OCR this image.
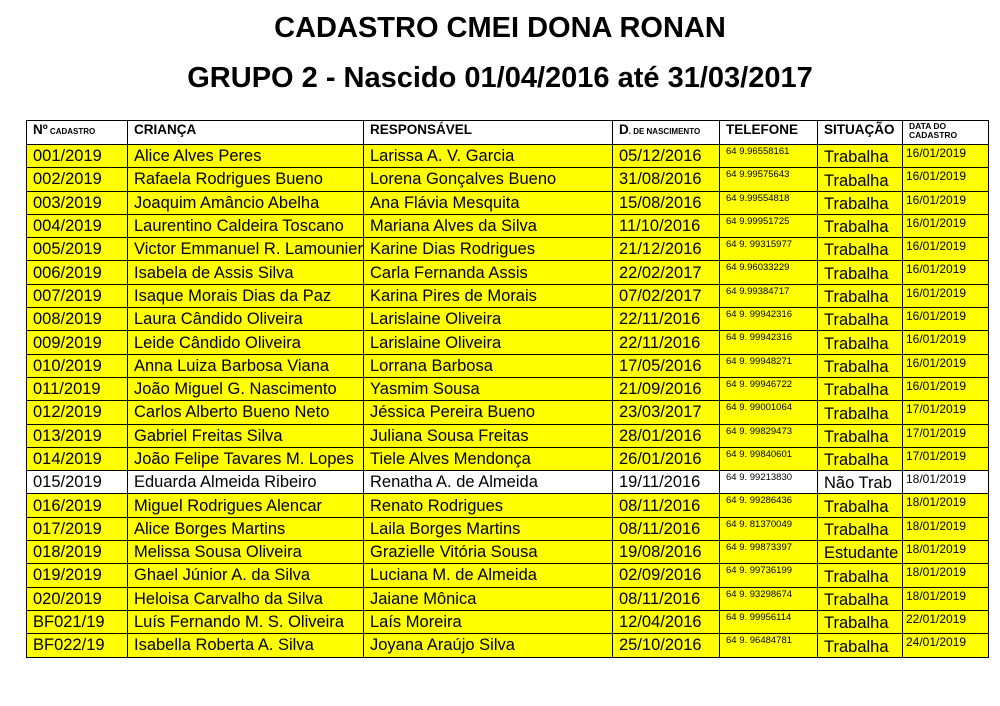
CADASTRO CMEI DONA RONAN
GRUPO 2 - Nascido 01/04/2016 até 31/03/2017
Nº CADASTRO	CRIANÇA	RESPONSÁVEL	D. DE NASCIMENTO	TELEFONE	SITUAÇÃO	DATA DO
CADASTRO
001/2019	Alice Alves Peres	Larissa A. V. Garcia	05/12/2016	64 9.96558161	Trabalha	16/01/2019
002/2019	Rafaela Rodrigues Bueno	Lorena Gonçalves Bueno	31/08/2016	64 9.99575643	Trabalha	16/01/2019
003/2019	Joaquim Amâncio Abelha	Ana Flávia Mesquita	15/08/2016	64 9.99554818	Trabalha	16/01/2019
004/2019	Laurentino Caldeira Toscano	Mariana Alves da Silva	11/10/2016	64 9.99951725	Trabalha	16/01/2019
005/2019	Victor Emmanuel R. Lamounier	Karine Dias Rodrigues	21/12/2016	64 9. 99315977	Trabalha	16/01/2019
006/2019	Isabela de Assis Silva	Carla Fernanda Assis	22/02/2017	64 9.96033229	Trabalha	16/01/2019
007/2019	Isaque Morais Dias da Paz	Karina Pires de Morais	07/02/2017	64 9.99384717	Trabalha	16/01/2019
008/2019	Laura Cândido Oliveira	Larislaine Oliveira	22/11/2016	64 9. 99942316	Trabalha	16/01/2019
009/2019	Leide Cândido Oliveira	Larislaine Oliveira	22/11/2016	64 9. 99942316	Trabalha	16/01/2019
010/2019	Anna Luiza Barbosa Viana	Lorrana Barbosa	17/05/2016	64 9. 99948271	Trabalha	16/01/2019
011/2019	João Miguel G. Nascimento	Yasmim Sousa	21/09/2016	64 9. 99946722	Trabalha	16/01/2019
012/2019	Carlos Alberto Bueno Neto	Jéssica Pereira Bueno	23/03/2017	64 9. 99001064	Trabalha	17/01/2019
013/2019	Gabriel Freitas Silva	Juliana Sousa Freitas	28/01/2016	64 9. 99829473	Trabalha	17/01/2019
014/2019	João Felipe Tavares M. Lopes	Tiele Alves Mendonça	26/01/2016	64 9. 99840601	Trabalha	17/01/2019
015/2019	Eduarda Almeida Ribeiro	Renatha A. de Almeida	19/11/2016	64 9. 99213830	Não Trab	18/01/2019
016/2019	Miguel Rodrigues Alencar	Renato Rodrigues	08/11/2016	64 9. 99286436	Trabalha	18/01/2019
017/2019	Alice Borges Martins	Laila Borges Martins	08/11/2016	64 9. 81370049	Trabalha	18/01/2019
018/2019	Melissa Sousa Oliveira	Grazielle Vitória Sousa	19/08/2016	64 9. 99873397	Estudante	18/01/2019
019/2019	Ghael Júnior A. da Silva	Luciana M. de Almeida	02/09/2016	64 9. 99736199	Trabalha	18/01/2019
020/2019	Heloisa Carvalho da Silva	Jaiane Mônica	08/11/2016	64 9. 93298674	Trabalha	18/01/2019
BF021/19	Luís Fernando M. S. Oliveira	Laís Moreira	12/04/2016	64 9. 99956114	Trabalha	22/01/2019
BF022/19	Isabella Roberta A. Silva	Joyana Araújo Silva	25/10/2016	64 9. 96484781	Trabalha	24/01/2019
